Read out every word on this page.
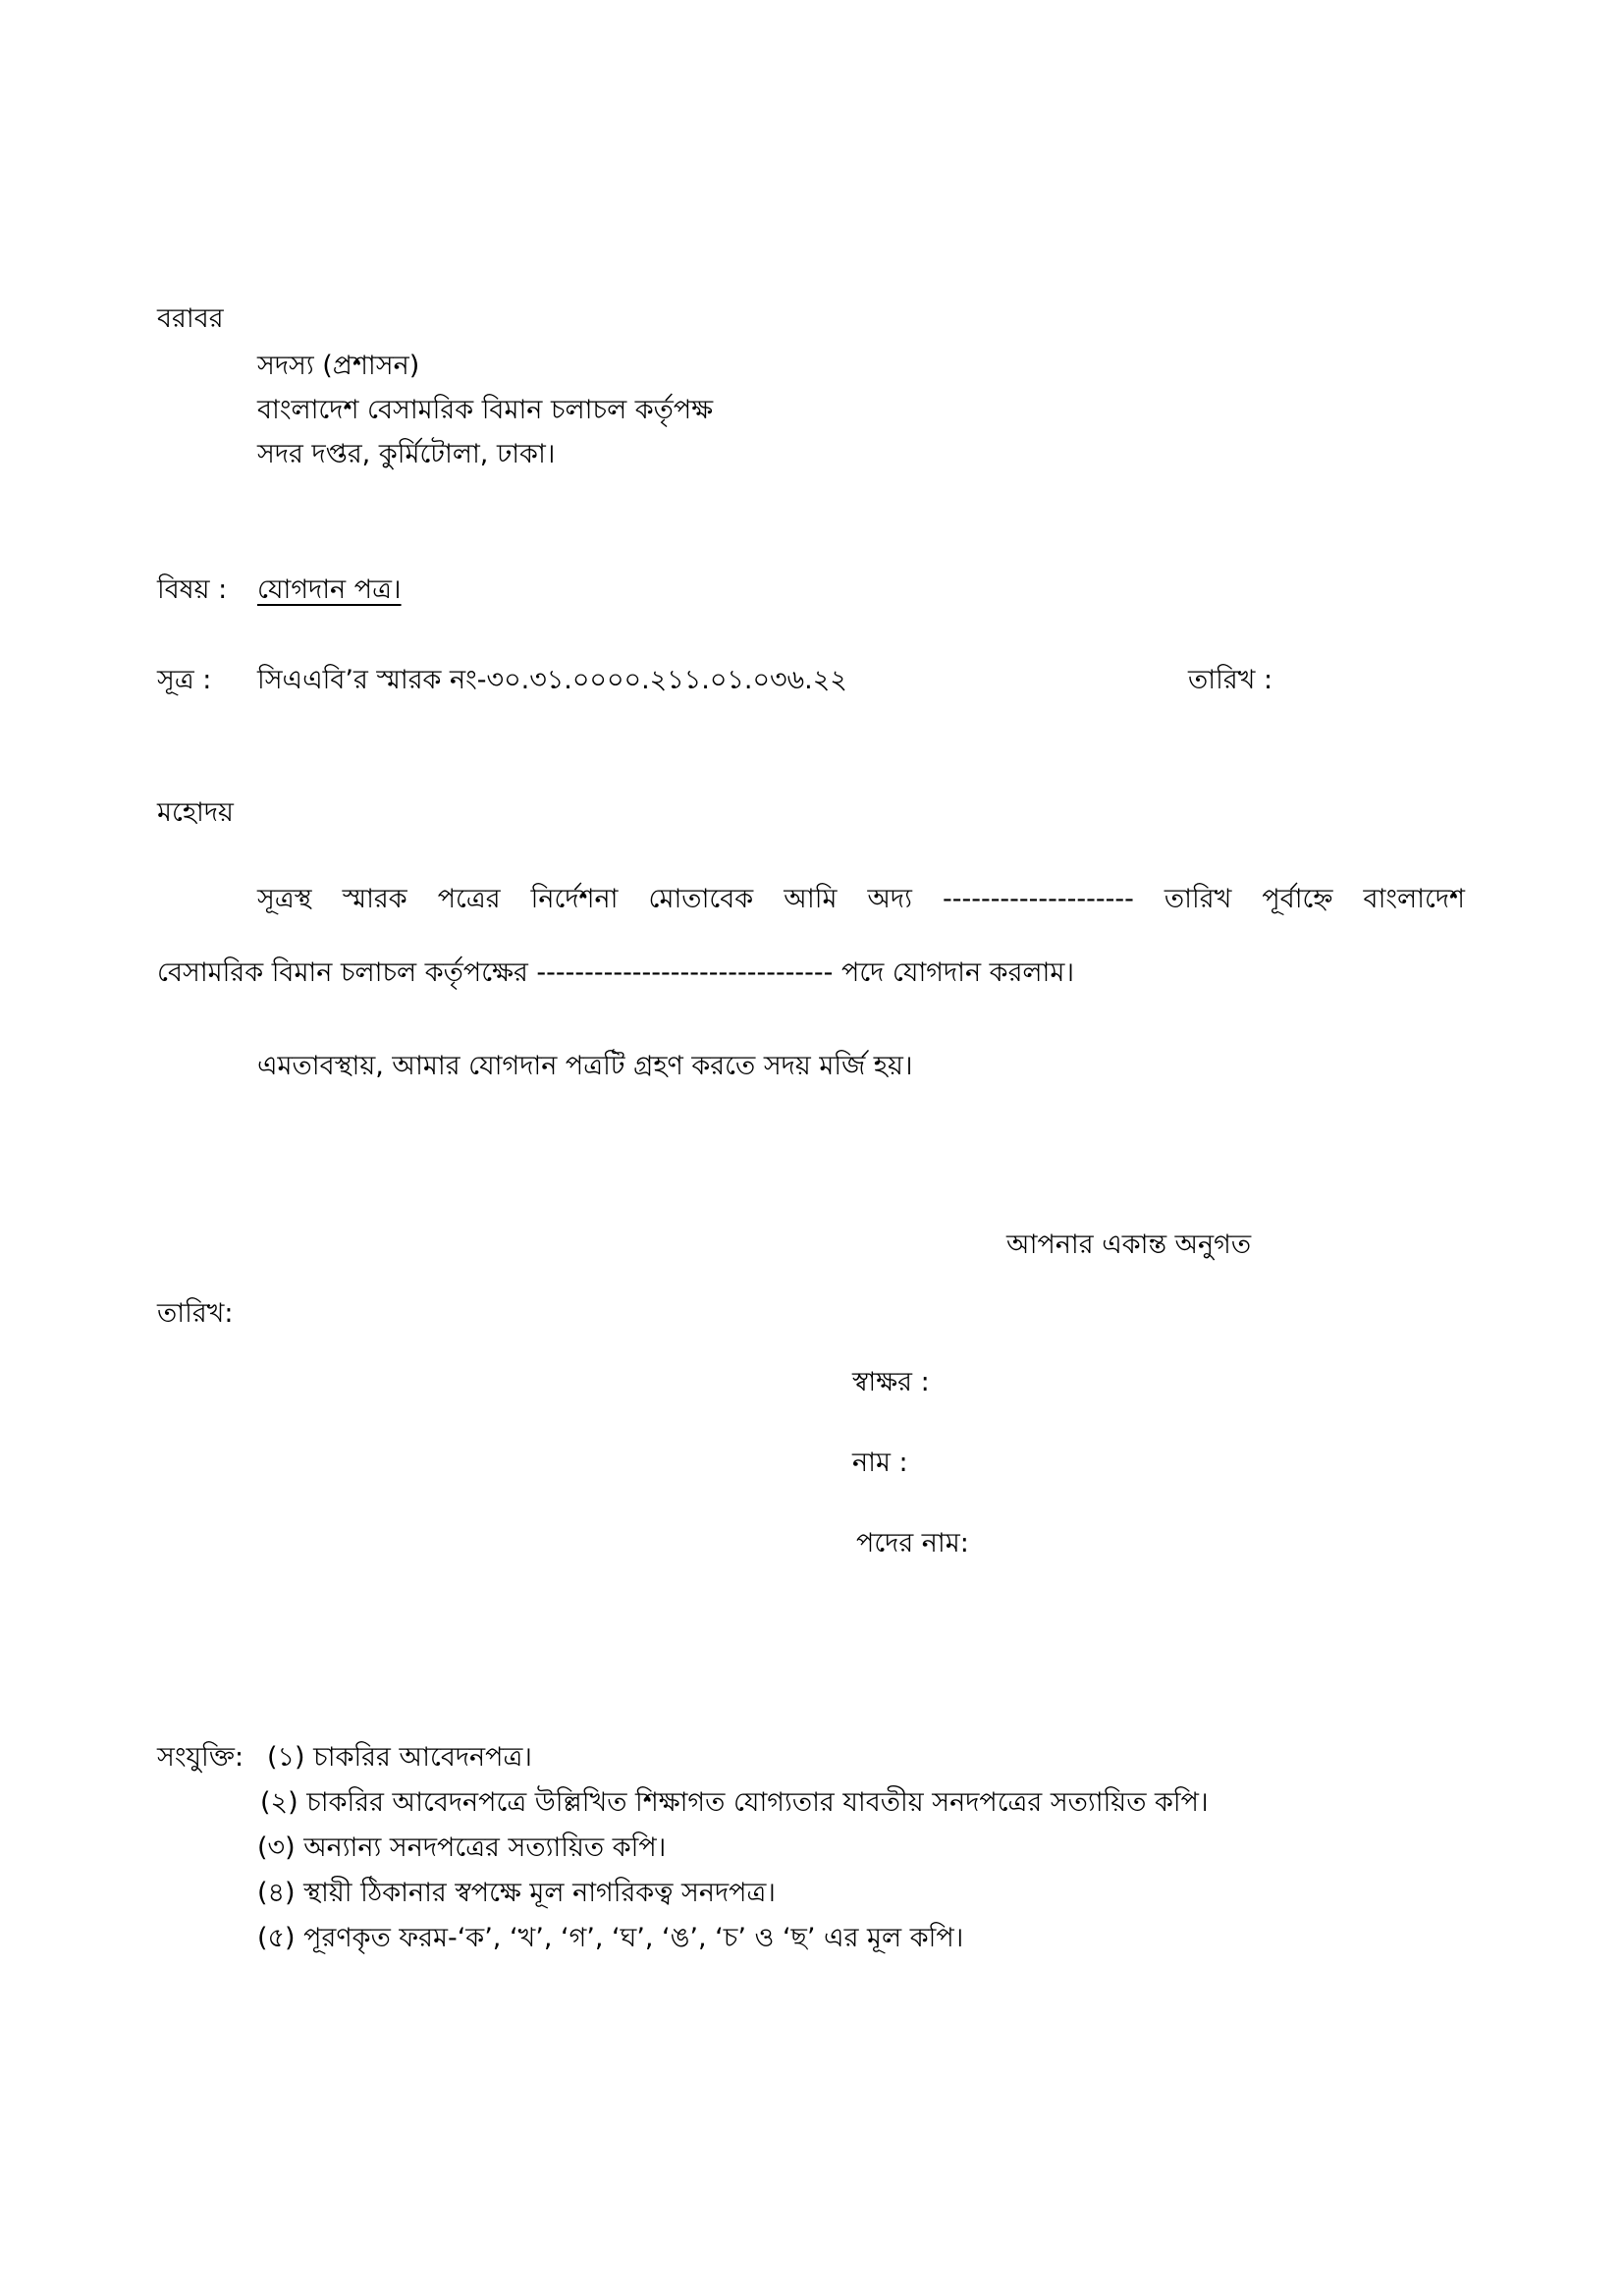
বরাবর
সদস্য (প্রশাসন)
বাংলাদেশ বেসামরিক বিমান চলাচল কর্তৃপক্ষ
সদর দপ্তর, কুর্মিটোলা, ঢাকা।
বিষয় : যোগদান পত্র।
সূত্র : সিএএবি’র স্মারক নং-৩০.৩১.০০০০.২১১.০১.০৩৬.২২	তারিখ :
মহোদয়
সূত্রস্থ স্মারক পত্রের নির্দেশনা মোতাবেক আমি অদ্য -------------------- তারিখ পূর্বাহ্নে বাংলাদেশ
বেসামরিক বিমান চলাচল কর্তৃপক্ষের ------------------------------- পদে যোগদান করলাম।
এমতাবস্থায়, আমার যোগদান পত্রটি গ্রহণ করতে সদয় মর্জি হয়।
আপনার একান্ত অনুগত
তারিখ:
স্বাক্ষর :
নাম :
পদের নাম:
সংযুক্তি: (১) চাকরির আবেদনপত্র।
(২) চাকরির আবেদনপত্রে উল্লিখিত শিক্ষাগত যোগ্যতার যাবতীয় সনদপত্রের সত্যায়িত কপি।
(৩) অন্যান্য সনদপত্রের সত্যায়িত কপি।
(৪) স্থায়ী ঠিকানার স্বপক্ষে মূল নাগরিকত্ব সনদপত্র।
(৫) পূরণকৃত ফরম-‘ক’, ‘খ’, ‘গ’, ‘ঘ’, ‘ঙ’, ‘চ’ ও ‘ছ’ এর মূল কপি।
